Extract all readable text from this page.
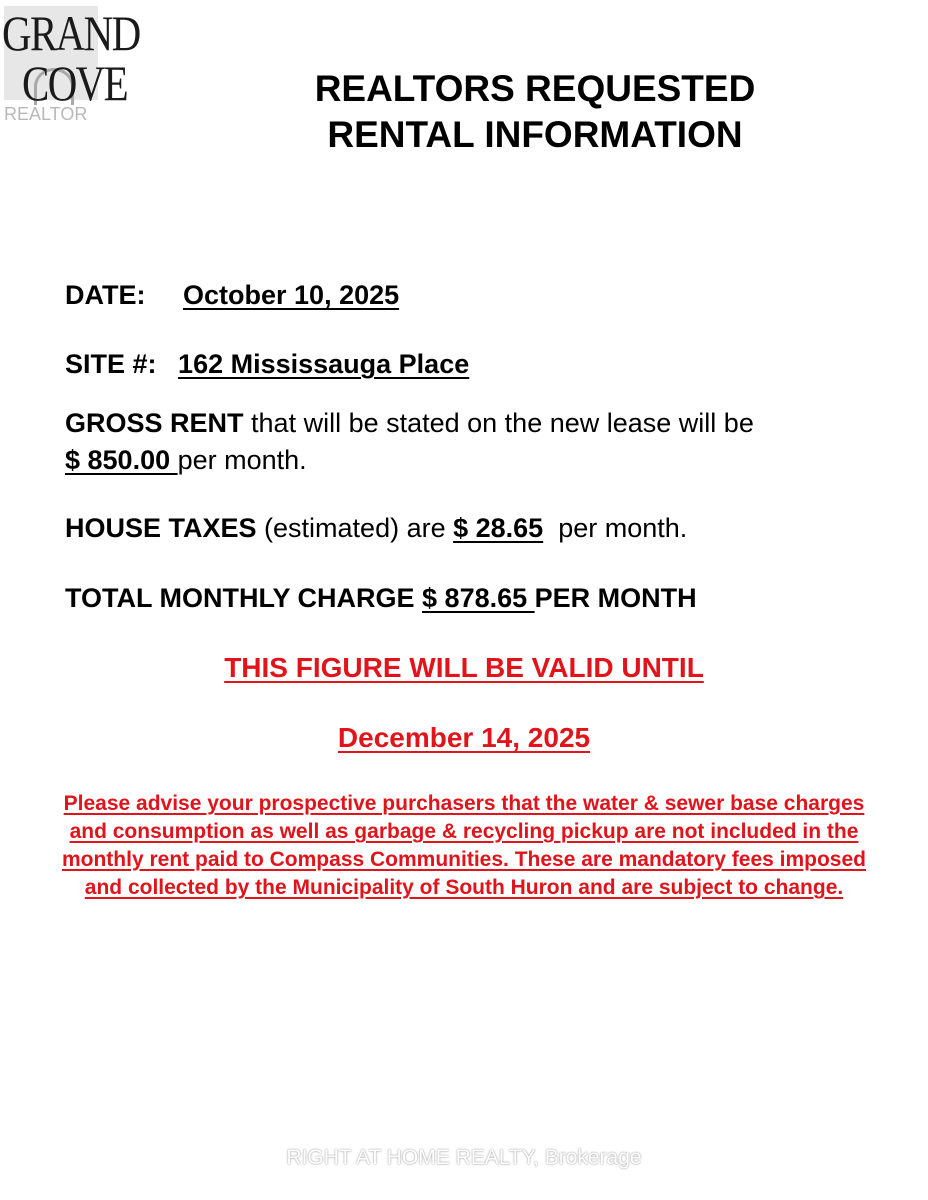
GRAND
COVE
REALTOR
REALTORS REQUESTED
RENTAL INFORMATION
DATE: October 10, 2025
SITE #: 162 Mississauga Place
GROSS RENT that will be stated on the new lease will be
$ 850.00 per month.
HOUSE TAXES (estimated) are $ 28.65  per month.
TOTAL MONTHLY CHARGE $ 878.65 PER MONTH
THIS FIGURE WILL BE VALID UNTIL
December 14, 2025
Please advise your prospective purchasers that the water & sewer base charges and consumption as well as garbage & recycling pickup are not included in the monthly rent paid to Compass Communities. These are mandatory fees imposed and collected by the Municipality of South Huron and are subject to change.
RIGHT AT HOME REALTY, Brokerage
